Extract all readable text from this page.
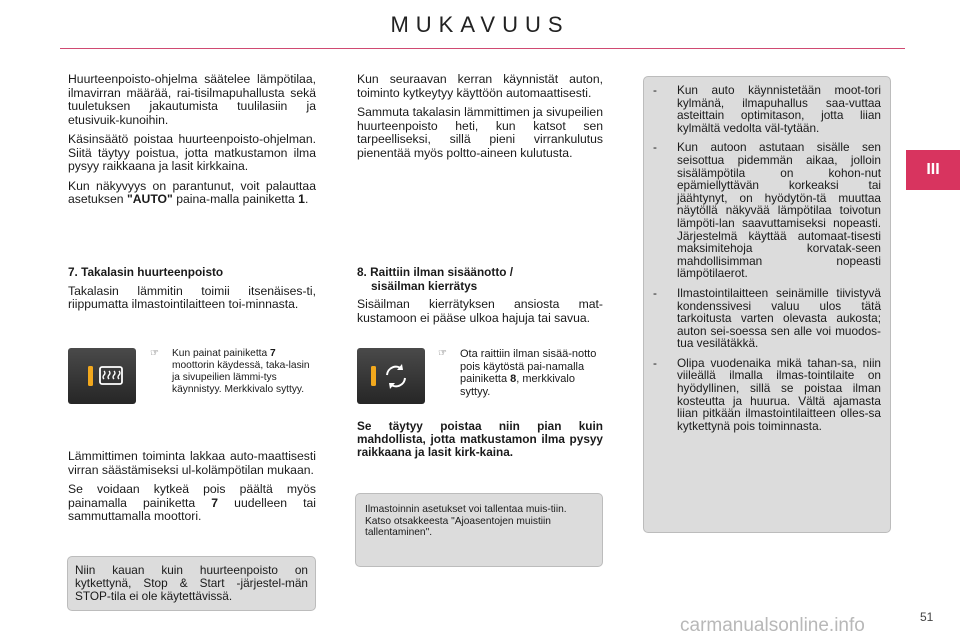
MUKAVUUS
III

Huurteenpoisto-ohjelma säätelee lämpötilaa, ilmavirran määrää, rai-tisilmapuhallusta sekä tuuletuksen jakautumista tuulilasiin ja etusivuik-kunoihin.

Käsinsäätö poistaa huurteenpoisto-ohjelman. Siitä täytyy poistua, jotta matkustamon ilma pysyy raikkaana ja lasit kirkkaina.

Kun näkyvyys on parantunut, voit palauttaa asetuksen "AUTO" paina-malla painiketta 1.

7. Takalasin huurteenpoisto

Takalasin lämmitin toimii itsenäises-ti, riippumatta ilmastointilaitteen toi-minnasta.

☞ Kun painat painiketta 7 moottorin käydessä, taka-lasin ja sivupeilien lämmi-tys käynnistyy. Merkkivalo syttyy.

Lämmittimen toiminta lakkaa auto-maattisesti virran säästämiseksi ul-kolämpötilan mukaan.

Se voidaan kytkeä pois päältä myös painamalla painiketta 7 uudelleen tai sammuttamalla moottori.

Niin kauan kuin huurteenpoisto on kytkettynä, Stop & Start -järjestel-män STOP-tila ei ole käytettävissä.

Kun seuraavan kerran käynnistät auton, toiminto kytkeytyy käyttöön automaattisesti.

Sammuta takalasin lämmittimen ja sivupeilien huurteenpoisto heti, kun katsot sen tarpeelliseksi, sillä pieni virrankulutus pienentää myös poltto-aineen kulutusta.

8. Raittiin ilman sisäänotto /
sisäilman kierrätys

Sisäilman kierrätyksen ansiosta mat-kustamoon ei pääse ulkoa hajuja tai savua.

☞ Ota raittiin ilman sisää-notto pois käytöstä pai-namalla painiketta 8, merkkivalo syttyy.

Se täytyy poistaa niin pian kuin mahdollista, jotta matkustamon ilma pysyy raikkaana ja lasit kirk-kaina.

Ilmastoinnin asetukset voi tallentaa muis-tiin. Katso otsakkeesta "Ajoasentojen muistiin tallentaminen".
- Kun auto käynnistetään moot-tori kylmänä, ilmapuhallus saa-vuttaa asteittain optimitason, jotta liian kylmältä vedolta väl-tytään.
- Kun autoon astutaan sisälle sen seisottua pidemmän aikaa, jolloin sisälämpötila on kohon-nut epämiellyttävän korkeaksi tai jäähtynyt, on hyödytön-tä muuttaa näytöllä näkyvää lämpötilaa toivotun lämpöti-lan saavuttamiseksi nopeasti. Järjestelmä käyttää automaat-tisesti maksimitehoja korvatak-seen mahdollisimman nopeasti lämpötilaerot.
- Ilmastointilaitteen seinämille tiivistyvä kondenssivesi valuu ulos tätä tarkoitusta varten olevasta aukosta; auton sei-soessa sen alle voi muodos-tua vesilätäkkä.
- Olipa vuodenaika mikä tahan-sa, niin viileällä ilmalla ilmas-tointilaite on hyödyllinen, sillä se poistaa ilman kosteutta ja huurua. Vältä ajamasta liian pitkään ilmastointilaitteen olles-sa kytkettynä pois toiminnasta.
carmanualsonline.info	51
